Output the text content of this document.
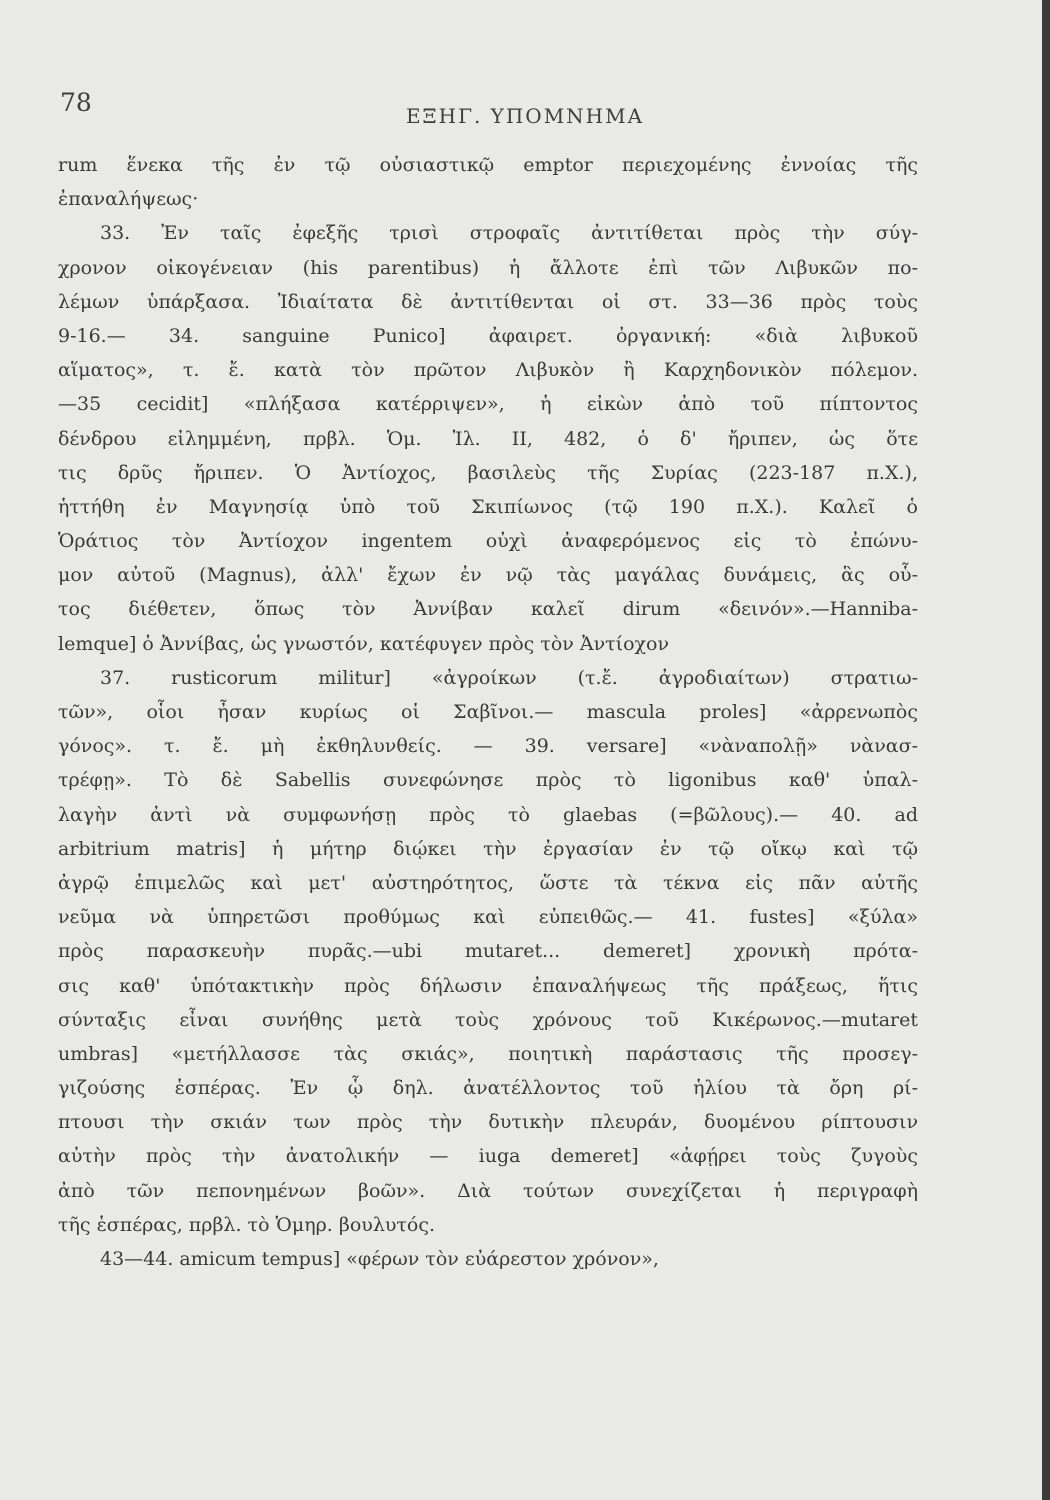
78	ΕΞΗΓ. ΥΠΟΜΝΗΜΑ
rum ἕνεκα τῆς ἐν τῷ οὐσιαστικῷ emptor περιεχομένης ἐννοίας τῆς
ἐπαναλήψεως·
33. Ἐν ταῖς ἐφεξῆς τρισὶ στροφαῖς ἀντιτίθεται πρὸς τὴν σύγ-
χρονον οἰκογένειαν (his parentibus) ἡ ἄλλοτε ἐπὶ τῶν Λιβυκῶν πο-
λέμων ὑπάρξασα. Ἰδιαίτατα δὲ ἀντιτίθενται οἱ στ. 33—36 πρὸς τοὺς
9-16.— 34. sanguine Punico] ἀφαιρετ. ὀργανική: «διὰ λιβυκοῦ
αἵματος», τ. ἔ. κατὰ τὸν πρῶτον Λιβυκὸν ἢ Καρχηδονικὸν πόλεμον.
—35 cecidit] «πλήξασα κατέρριψεν», ἡ εἰκὼν ἀπὸ τοῦ πίπτοντος
δένδρου εἰλημμένη, πρβλ. Ὁμ. Ἰλ. II, 482, ὁ δ' ἤριπεν, ὡς ὅτε
τις δρῦς ἤριπεν. Ὁ Ἀντίοχος, βασιλεὺς τῆς Συρίας (223-187 π.Χ.),
ἡττήθη ἐν Μαγνησίᾳ ὑπὸ τοῦ Σκιπίωνος (τῷ 190 π.Χ.). Καλεῖ ὁ
Ὁράτιος τὸν Ἀντίοχον ingentem οὐχὶ ἀναφερόμενος εἰς τὸ ἐπώνυ-
μον αὐτοῦ (Magnus), ἀλλ' ἔχων ἐν νῷ τὰς μαγάλας δυνάμεις, ἃς οὗ-
τος διέθετεν, ὅπως τὸν Ἀννίβαν καλεῖ dirum «δεινόν».—Hanniba-
lemque] ὁ Ἀννίβας, ὡς γνωστόν, κατέφυγεν πρὸς τὸν Ἀντίοχον
37. rusticorum militur] «ἀγροίκων (τ.ἔ. ἀγροδιαίτων) στρατιω-
τῶν», οἷοι ἦσαν κυρίως οἱ Σαβῖνοι.— mascula proles] «ἀρρενωπὸς
γόνος». τ. ἔ. μὴ ἐκθηλυνθείς. — 39. versare] «νὰναπολῇ» νὰνασ-
τρέφῃ». Τὸ δὲ Sabellis συνεφώνησε πρὸς τὸ ligonibus καθ' ὑπαλ-
λαγὴν ἀντὶ νὰ συμφωνήσῃ πρὸς τὸ glaebas (=βῶλους).— 40. ad
arbitrium matris] ἡ μήτηρ διῴκει τὴν ἐργασίαν ἐν τῷ οἴκῳ καὶ τῷ
ἀγρῷ ἐπιμελῶς καὶ μετ' αὐστηρότητος, ὥστε τὰ τέκνα εἰς πᾶν αὐτῆς
νεῦμα νὰ ὑπηρετῶσι προθύμως καὶ εὐπειθῶς.— 41. fustes] «ξύλα»
πρὸς παρασκευὴν πυρᾶς.—ubi mutaret... demeret] χρονικὴ πρότα-
σις καθ' ὑπότακτικὴν πρὸς δήλωσιν ἐπαναλήψεως τῆς πράξεως, ἥτις
σύνταξις εἶναι συνήθης μετὰ τοὺς χρόνους τοῦ Κικέρωνος.—mutaret
umbras] «μετήλλασσε τὰς σκιάς», ποιητικὴ παράστασις τῆς προσεγ-
γιζούσης ἑσπέρας. Ἐν ᾧ δηλ. ἀνατέλλοντος τοῦ ἡλίου τὰ ὄρη ρί-
πτουσι τὴν σκιάν των πρὸς τὴν δυτικὴν πλευράν, δυομένου ρίπτουσιν
αὐτὴν πρὸς τὴν ἀνατολικήν — iuga demeret] «ἀφῄρει τοὺς ζυγοὺς
ἀπὸ τῶν πεπονημένων βοῶν». Διὰ τούτων συνεχίζεται ἡ περιγραφὴ
τῆς ἑσπέρας, πρβλ. τὸ Ὁμηρ. βουλυτός.
43—44. amicum tempus] «φέρων τὸν εὐάρεστον χρόνον»,
